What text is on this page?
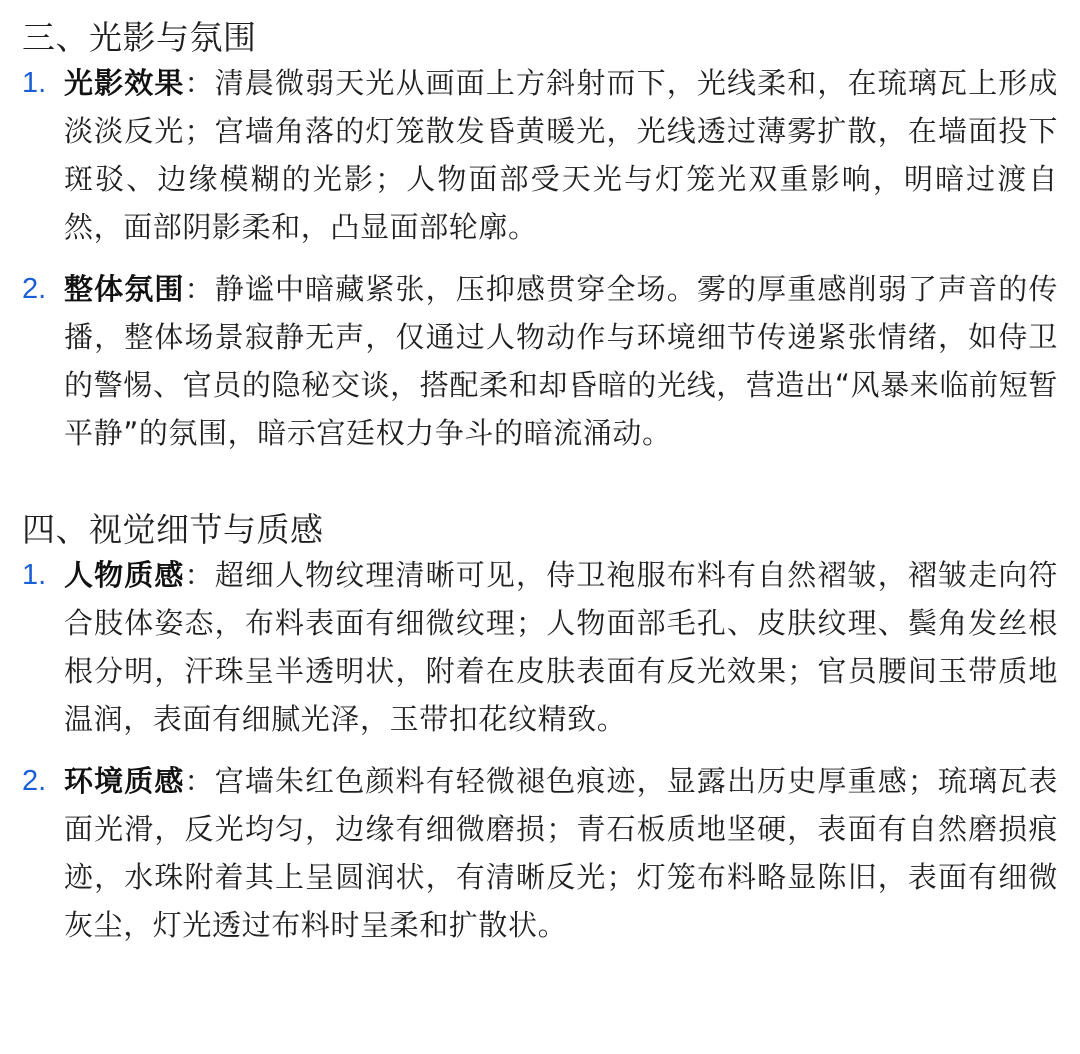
三、光影与氛围
1. 光影效果：清晨微弱天光从画面上方斜射而下，光线柔和，在琉璃瓦上形成淡淡反光；宫墙角落的灯笼散发昏黄暖光，光线透过薄雾扩散，在墙面投下斑驳、边缘模糊的光影；人物面部受天光与灯笼光双重影响，明暗过渡自然，面部阴影柔和，凸显面部轮廓。
2. 整体氛围：静谧中暗藏紧张，压抑感贯穿全场。雾的厚重感削弱了声音的传播，整体场景寂静无声，仅通过人物动作与环境细节传递紧张情绪，如侍卫的警惕、官员的隐秘交谈，搭配柔和却昏暗的光线，营造出“风暴来临前短暂平静”的氛围，暗示宫廷权力争斗的暗流涌动。
四、视觉细节与质感
1. 人物质感：超细人物纹理清晰可见，侍卫袍服布料有自然褶皱，褶皱走向符合肢体姿态，布料表面有细微纹理；人物面部毛孔、皮肤纹理、鬓角发丝根根分明，汗珠呈半透明状，附着在皮肤表面有反光效果；官员腰间玉带质地温润，表面有细腻光泽，玉带扣花纹精致。
2. 环境质感：宫墙朱红色颜料有轻微褪色痕迹，显露出历史厚重感；琉璃瓦表面光滑，反光均匀，边缘有细微磨损；青石板质地坚硬，表面有自然磨损痕迹，水珠附着其上呈圆润状，有清晰反光；灯笼布料略显陈旧，表面有细微灰尘，灯光透过布料时呈柔和扩散状。
